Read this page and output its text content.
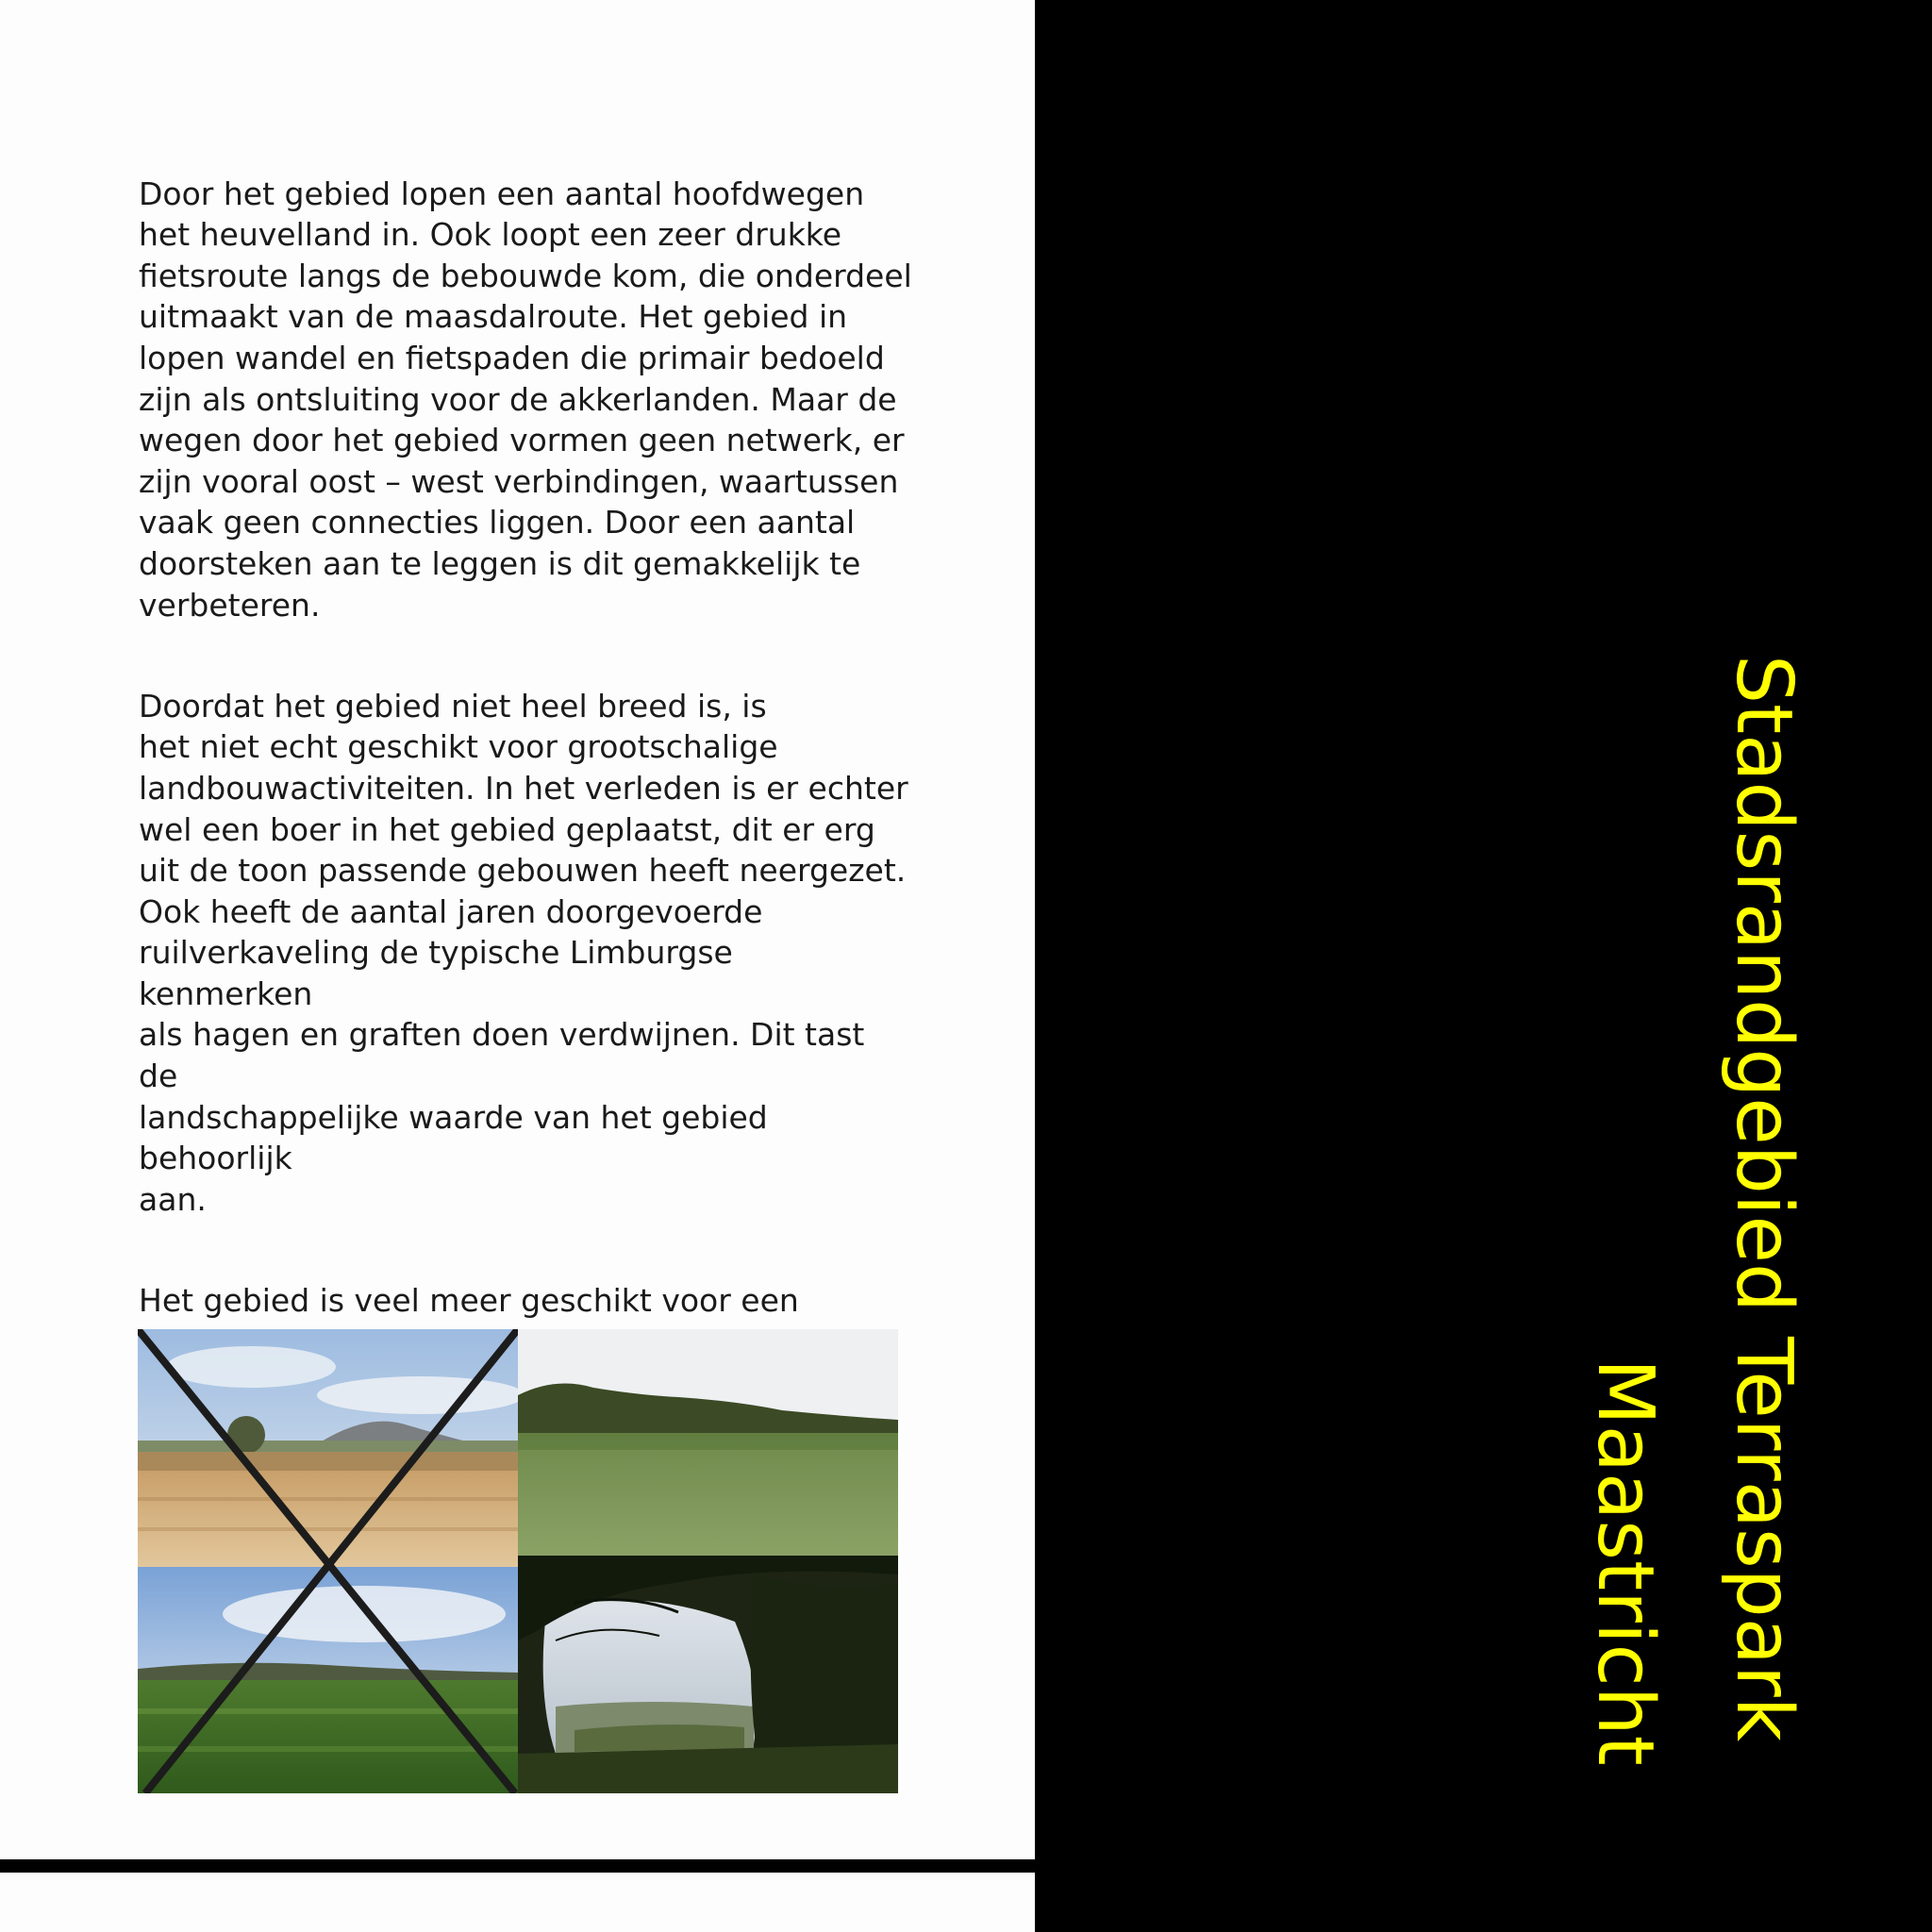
Door het gebied lopen een aantal hoofdwegen
het heuvelland in. Ook loopt een zeer drukke
fietsroute langs de bebouwde kom, die onderdeel
uitmaakt van de maasdalroute. Het gebied in
lopen wandel en fietspaden die primair bedoeld
zijn als ontsluiting voor de akkerlanden. Maar de
wegen door het gebied vormen geen netwerk, er
zijn vooral oost – west verbindingen, waartussen
vaak geen connecties liggen. Door een aantal
doorsteken aan te leggen is dit gemakkelijk te
verbeteren.

Doordat het gebied niet heel breed is, is
het niet echt geschikt voor grootschalige
landbouwactiviteiten. In het verleden is er echter
wel een boer in het gebied geplaatst, dit er erg
uit de toon passende gebouwen heeft neergezet.
Ook heeft de aantal jaren doorgevoerde
ruilverkaveling de typische Limburgse kenmerken
als hagen en graften doen verdwijnen. Dit tast de
landschappelijke waarde van het gebied behoorlijk
aan.

Het gebied is veel meer geschikt voor een	Stadsrandgebied Terraspark
Maastricht
